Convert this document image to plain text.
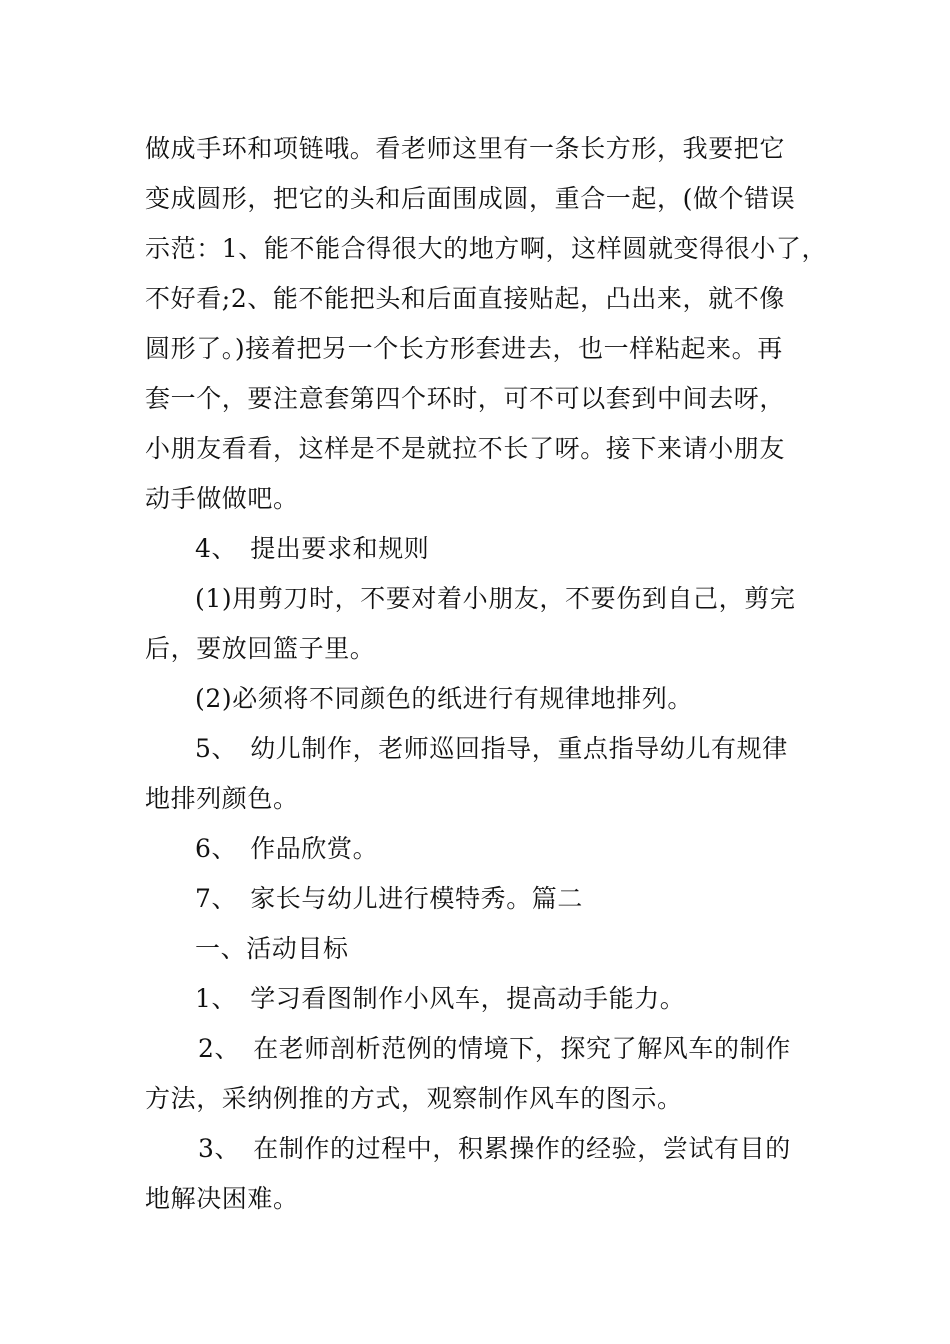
做成手环和项链哦。看老师这里有一条长方形，我要把它
变成圆形，把它的头和后面围成圆，重合一起，(做个错误
示范：1、能不能合得很大的地方啊，这样圆就变得很小了，
不好看;2、能不能把头和后面直接贴起，凸出来，就不像
圆形了。)接着把另一个长方形套进去，也一样粘起来。再
套一个，要注意套第四个环时，可不可以套到中间去呀，
小朋友看看，这样是不是就拉不长了呀。接下来请小朋友
动手做做吧。
4、　提出要求和规则
(1)用剪刀时，不要对着小朋友，不要伤到自己，剪完
后，要放回篮子里。
(2)必须将不同颜色的纸进行有规律地排列。
5、　幼儿制作，老师巡回指导，重点指导幼儿有规律
地排列颜色。
6、　作品欣赏。
7、　家长与幼儿进行模特秀。篇二
一、活动目标
1、　学习看图制作小风车，提高动手能力。
2、　在老师剖析范例的情境下，探究了解风车的制作
方法，采纳例推的方式，观察制作风车的图示。
3、　在制作的过程中，积累操作的经验，尝试有目的
地解决困难。
